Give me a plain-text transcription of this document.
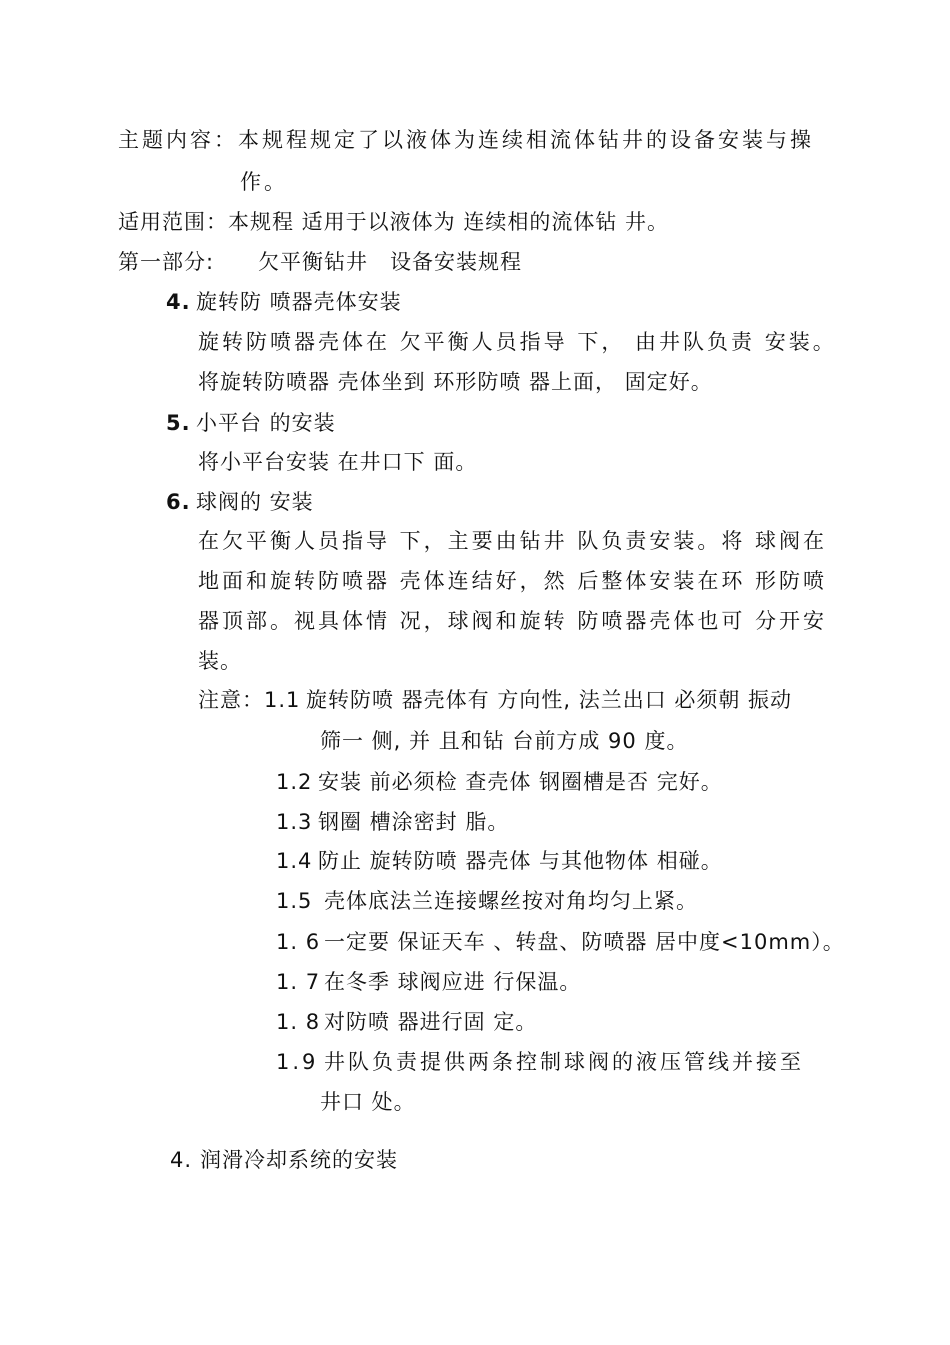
主题内容：本规程规定了以液体为连续相流体钻井的设备安装与操
作。
适用范围：本规程 适用于以液体为 连续相的流体钻 井。
第一部分: 欠平衡钻井　设备安装规程
4. 旋转防 喷器壳体安装
旋转防喷器壳体在 欠平衡人员指导 下， 由井队负责 安装。
将旋转防喷器 壳体坐到 环形防喷 器上面， 固定好。
5. 小平台 的安装
将小平台安装 在井口下 面。
6. 球阀的 安装
在欠平衡人员指导 下，主要由钻井 队负责安装。将 球阀在
地面和旋转防喷器 壳体连结好，然 后整体安装在环 形防喷
器顶部。视具体情 况，球阀和旋转 防喷器壳体也可 分开安
装。
注意：1.1 旋转防喷 器壳体有 方向性, 法兰出口 必须朝 振动
筛一 侧, 并 且和钻 台前方成 90 度。
1.2 安装 前必须检 查壳体 钢圈槽是否 完好。
1.3 钢圈 槽涂密封 脂。
1.4 防止 旋转防喷 器壳体 与其他物体 相碰。
1.5 壳体底法兰连接螺丝按对角均匀上紧。
1. 6 一定要 保证天车 、转盘、防喷器 居中度<10mm）。
1. 7 在冬季 球阀应进 行保温。
1. 8 对防喷 器进行固 定。
1.9 井队负责提供两条控制球阀的液压管线并接至
井口 处。
4. 润滑冷却系统的安装
